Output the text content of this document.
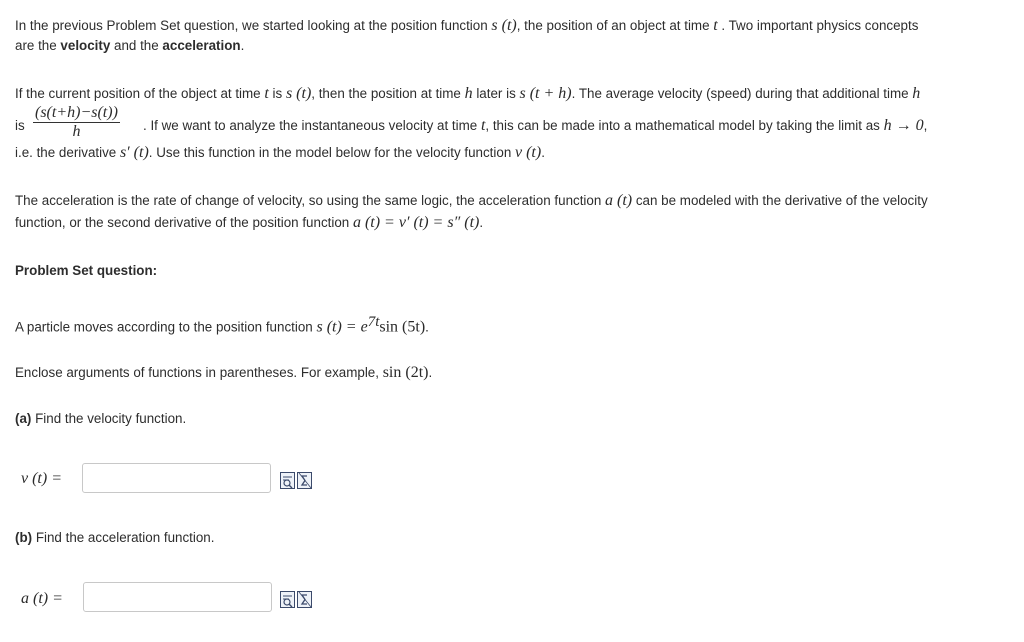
In the previous Problem Set question, we started looking at the position function s (t), the position of an object at time t . Two important physics concepts
are the velocity and the acceleration.
If the current position of the object at time t is s (t), then the position at time h later is s (t + h). The average velocity (speed) during that additional time h
is $\frac{(s(t+h)-s(t))}{h}$ . If we want to analyze the instantaneous velocity at time t, this can be made into a mathematical model by taking the limit as h → 0,
i.e. the derivative s′ (t). Use this function in the model below for the velocity function v (t).
The acceleration is the rate of change of velocity, so using the same logic, the acceleration function a (t) can be modeled with the derivative of the velocity
function, or the second derivative of the position function a (t) = v′ (t) = s″ (t).
Problem Set question:
A particle moves according to the position function s $(t) = e^{7t}\sin$ (5t).
Enclose arguments of functions in parentheses. For example, sin (2t).
(a) Find the velocity function.
v (t) =
(b) Find the acceleration function.
a (t) =
